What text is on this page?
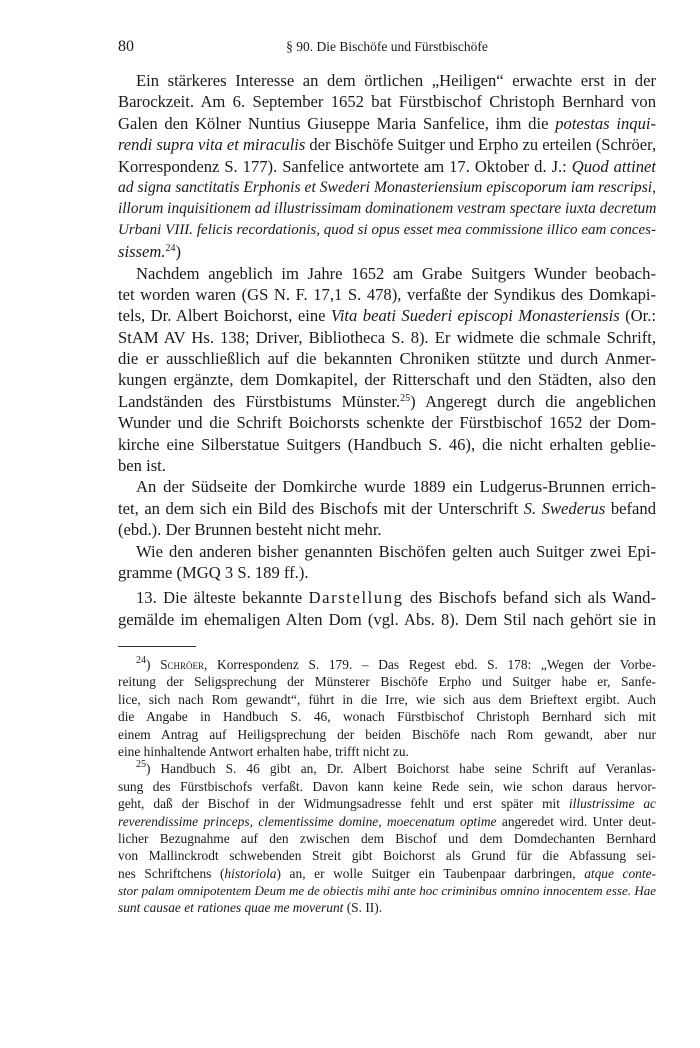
80	§ 90. Die Bischöfe und Fürstbischöfe
Ein stärkeres Interesse an dem örtlichen „Heiligen“ erwachte erst in der
Barockzeit. Am 6. September 1652 bat Fürstbischof Christoph Bernhard von
Galen den Kölner Nuntius Giuseppe Maria Sanfelice, ihm die potestas inqui-
rendi supra vita et miraculis der Bischöfe Suitger und Erpho zu erteilen (Schröer,
Korrespondenz S. 177). Sanfelice antwortete am 17. Oktober d. J.: Quod attinet
ad signa sanctitatis Erphonis et Swederi Monasteriensium episcoporum iam rescripsi,
illorum inquisitionem ad illustrissimam dominationem vestram spectare iuxta decretum
Urbani VIII. felicis recordationis, quod si opus esset mea commissione illico eam conces-
sissem.$^{24}$)
Nachdem angeblich im Jahre 1652 am Grabe Suitgers Wunder beobach-
tet worden waren (GS N. F. 17,1 S. 478), verfaßte der Syndikus des Domkapi-
tels, Dr. Albert Boichorst, eine Vita beati Suederi episcopi Monasteriensis (Or.:
StAM AV Hs. 138; Driver, Bibliotheca S. 8). Er widmete die schmale Schrift,
die er ausschließlich auf die bekannten Chroniken stützte und durch Anmer-
kungen ergänzte, dem Domkapitel, der Ritterschaft und den Städten, also den
Landständen des Fürstbistums Münster.$^{25}$) Angeregt durch die angeblichen
Wunder und die Schrift Boichorsts schenkte der Fürstbischof 1652 der Dom-
kirche eine Silberstatue Suitgers (Handbuch S. 46), die nicht erhalten geblie-
ben ist.
An der Südseite der Domkirche wurde 1889 ein Ludgerus-Brunnen errich-
tet, an dem sich ein Bild des Bischofs mit der Unterschrift S. Swederus befand
(ebd.). Der Brunnen besteht nicht mehr.
Wie den anderen bisher genannten Bischöfen gelten auch Suitger zwei Epi-
gramme (MGQ 3 S. 189 ff.).
13. Die älteste bekannte Darstellung des Bischofs befand sich als Wand-
gemälde im ehemaligen Alten Dom (vgl. Abs. 8). Dem Stil nach gehört sie in
$^{24}$) Schröer, Korrespondenz S. 179. – Das Regest ebd. S. 178: „Wegen der Vorbe-
reitung der Seligsprechung der Münsterer Bischöfe Erpho und Suitger habe er, Sanfe-
lice, sich nach Rom gewandt“, führt in die Irre, wie sich aus dem Brieftext ergibt. Auch
die Angabe in Handbuch S. 46, wonach Fürstbischof Christoph Bernhard sich mit
einem Antrag auf Heiligsprechung der beiden Bischöfe nach Rom gewandt, aber nur
eine hinhaltende Antwort erhalten habe, trifft nicht zu.
$^{25}$) Handbuch S. 46 gibt an, Dr. Albert Boichorst habe seine Schrift auf Veranlas-
sung des Fürstbischofs verfaßt. Davon kann keine Rede sein, wie schon daraus hervor-
geht, daß der Bischof in der Widmungsadresse fehlt und erst später mit illustrissime ac
reverendissime princeps, clementissime domine, moecenatum optime angeredet wird. Unter deut-
licher Bezugnahme auf den zwischen dem Bischof und dem Domdechanten Bernhard
von Mallinckrodt schwebenden Streit gibt Boichorst als Grund für die Abfassung sei-
nes Schriftchens (historiola) an, er wolle Suitger ein Taubenpaar darbringen, atque conte-
stor palam omnipotentem Deum me de obiectis mihi ante hoc criminibus omnino innocentem esse. Hae
sunt causae et rationes quae me moverunt (S. II).
